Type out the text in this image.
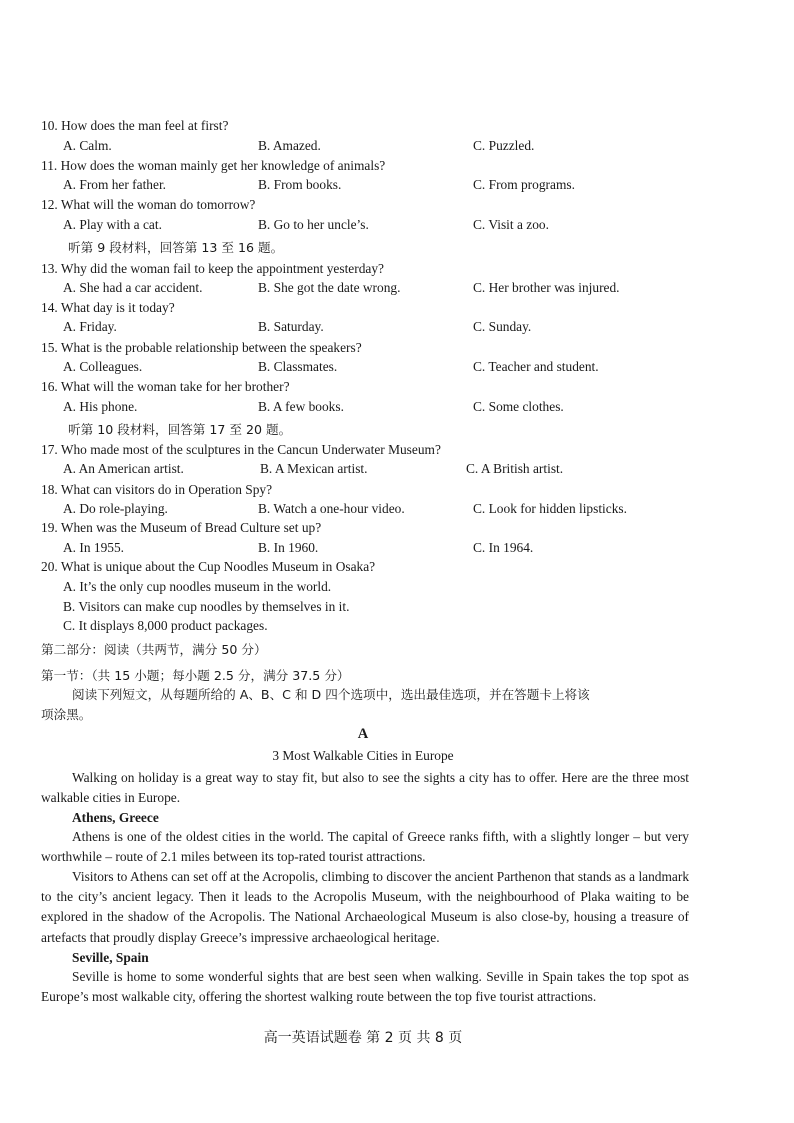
10. How does the man feel at first?
A. Calm.	B. Amazed.	C. Puzzled.
11. How does the woman mainly get her knowledge of animals?
A. From her father.	B. From books.	C. From programs.
12. What will the woman do tomorrow?
A. Play with a cat.	B. Go to her uncle’s.	C. Visit a zoo.
听第 9 段材料，回答第 13 至 16 题。
13. Why did the woman fail to keep the appointment yesterday?
A. She had a car accident.	B. She got the date wrong.	C. Her brother was injured.
14. What day is it today?
A. Friday.	B. Saturday.	C. Sunday.
15. What is the probable relationship between the speakers?
A. Colleagues.	B. Classmates.	C. Teacher and student.
16. What will the woman take for her brother?
A. His phone.	B. A few books.	C. Some clothes.
听第 10 段材料，回答第 17 至 20 题。
17. Who made most of the sculptures in the Cancun Underwater Museum?
A. An American artist.	B. A Mexican artist.	C. A British artist.
18. What can visitors do in Operation Spy?
A. Do role-playing.	B. Watch a one-hour video.	C. Look for hidden lipsticks.
19. When was the Museum of Bread Culture set up?
A. In 1955.	B. In 1960.	C. In 1964.
20. What is unique about the Cup Noodles Museum in Osaka?
A. It’s the only cup noodles museum in the world.
B. Visitors can make cup noodles by themselves in it.
C. It displays 8,000 product packages.
第二部分：阅读（共两节，满分 50 分）
第一节：（共 15 小题；每小题 2.5 分，满分 37.5 分）
阅读下列短文，从每题所给的 A、B、C 和 D 四个选项中，选出最佳选项，并在答题卡上将该
项涂黑。
A
3 Most Walkable Cities in Europe
Walking on holiday is a great way to stay fit, but also to see the sights a city has to offer. Here are the three most walkable cities in Europe.
Athens, Greece
Athens is one of the oldest cities in the world. The capital of Greece ranks fifth, with a slightly longer – but very worthwhile – route of 2.1 miles between its top-rated tourist attractions.
Visitors to Athens can set off at the Acropolis, climbing to discover the ancient Parthenon that stands as a landmark to the city’s ancient legacy. Then it leads to the Acropolis Museum, with the neighbourhood of Plaka waiting to be explored in the shadow of the Acropolis. The National Archaeological Museum is also close-by, housing a treasure of artefacts that proudly display Greece’s impressive archaeological heritage.
Seville, Spain
Seville is home to some wonderful sights that are best seen when walking. Seville in Spain takes the top spot as Europe’s most walkable city, offering the shortest walking route between the top five tourist attractions.
高一英语试题卷 第 2 页 共 8 页
